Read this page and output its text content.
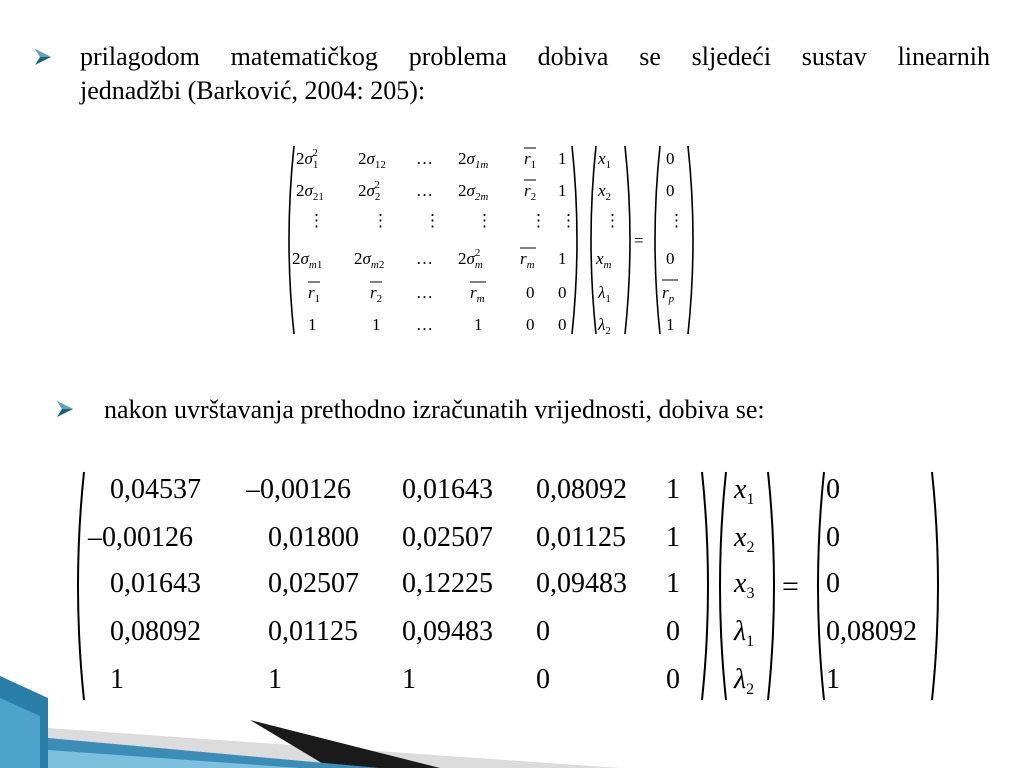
prilagodom matematičkog problema dobiva se sljedeći sustav linearnih
jednadžbi (Barković, 2004: 205):
$2\sigma_12$ $2\sigma_{12}$ … $2\sigma_{1m}$ $r_1$ 1
$2\sigma_{21}$ $2\sigma_22$ … $2\sigma_{2m}$ $r_2$ 1
⋮	⋮ ⋮ ⋮ ⋮ ⋮
$2\sigma_m1$ $2\sigma_m2$ … $2\sigma_m2$ $r_m$ 1
$r_1$	$r_2$ … $r_m$ 0 0
1	1 … 1	0 0
$x_1$
$x_2$
⋮
$x_m$
$\lambda_1$
$\lambda_2$
=
0
0
⋮
0
$r_p$
1
nakon uvrštavanja prethodno izračunatih vrijednosti, dobiva se:
0,04537 –0,00126 0,01643 0,08092 1
–0,00126	0,01800 0,02507 0,01125 1
0,01643 0,02507 0,12225 0,09483 1
0,08092 0,01125 0,09483 0	0
1	1	1	0	0
$x_1$
$x_2$
$x_3$
$\lambda_1$
$\lambda_2$
0
0
0
0,08092
1
=
